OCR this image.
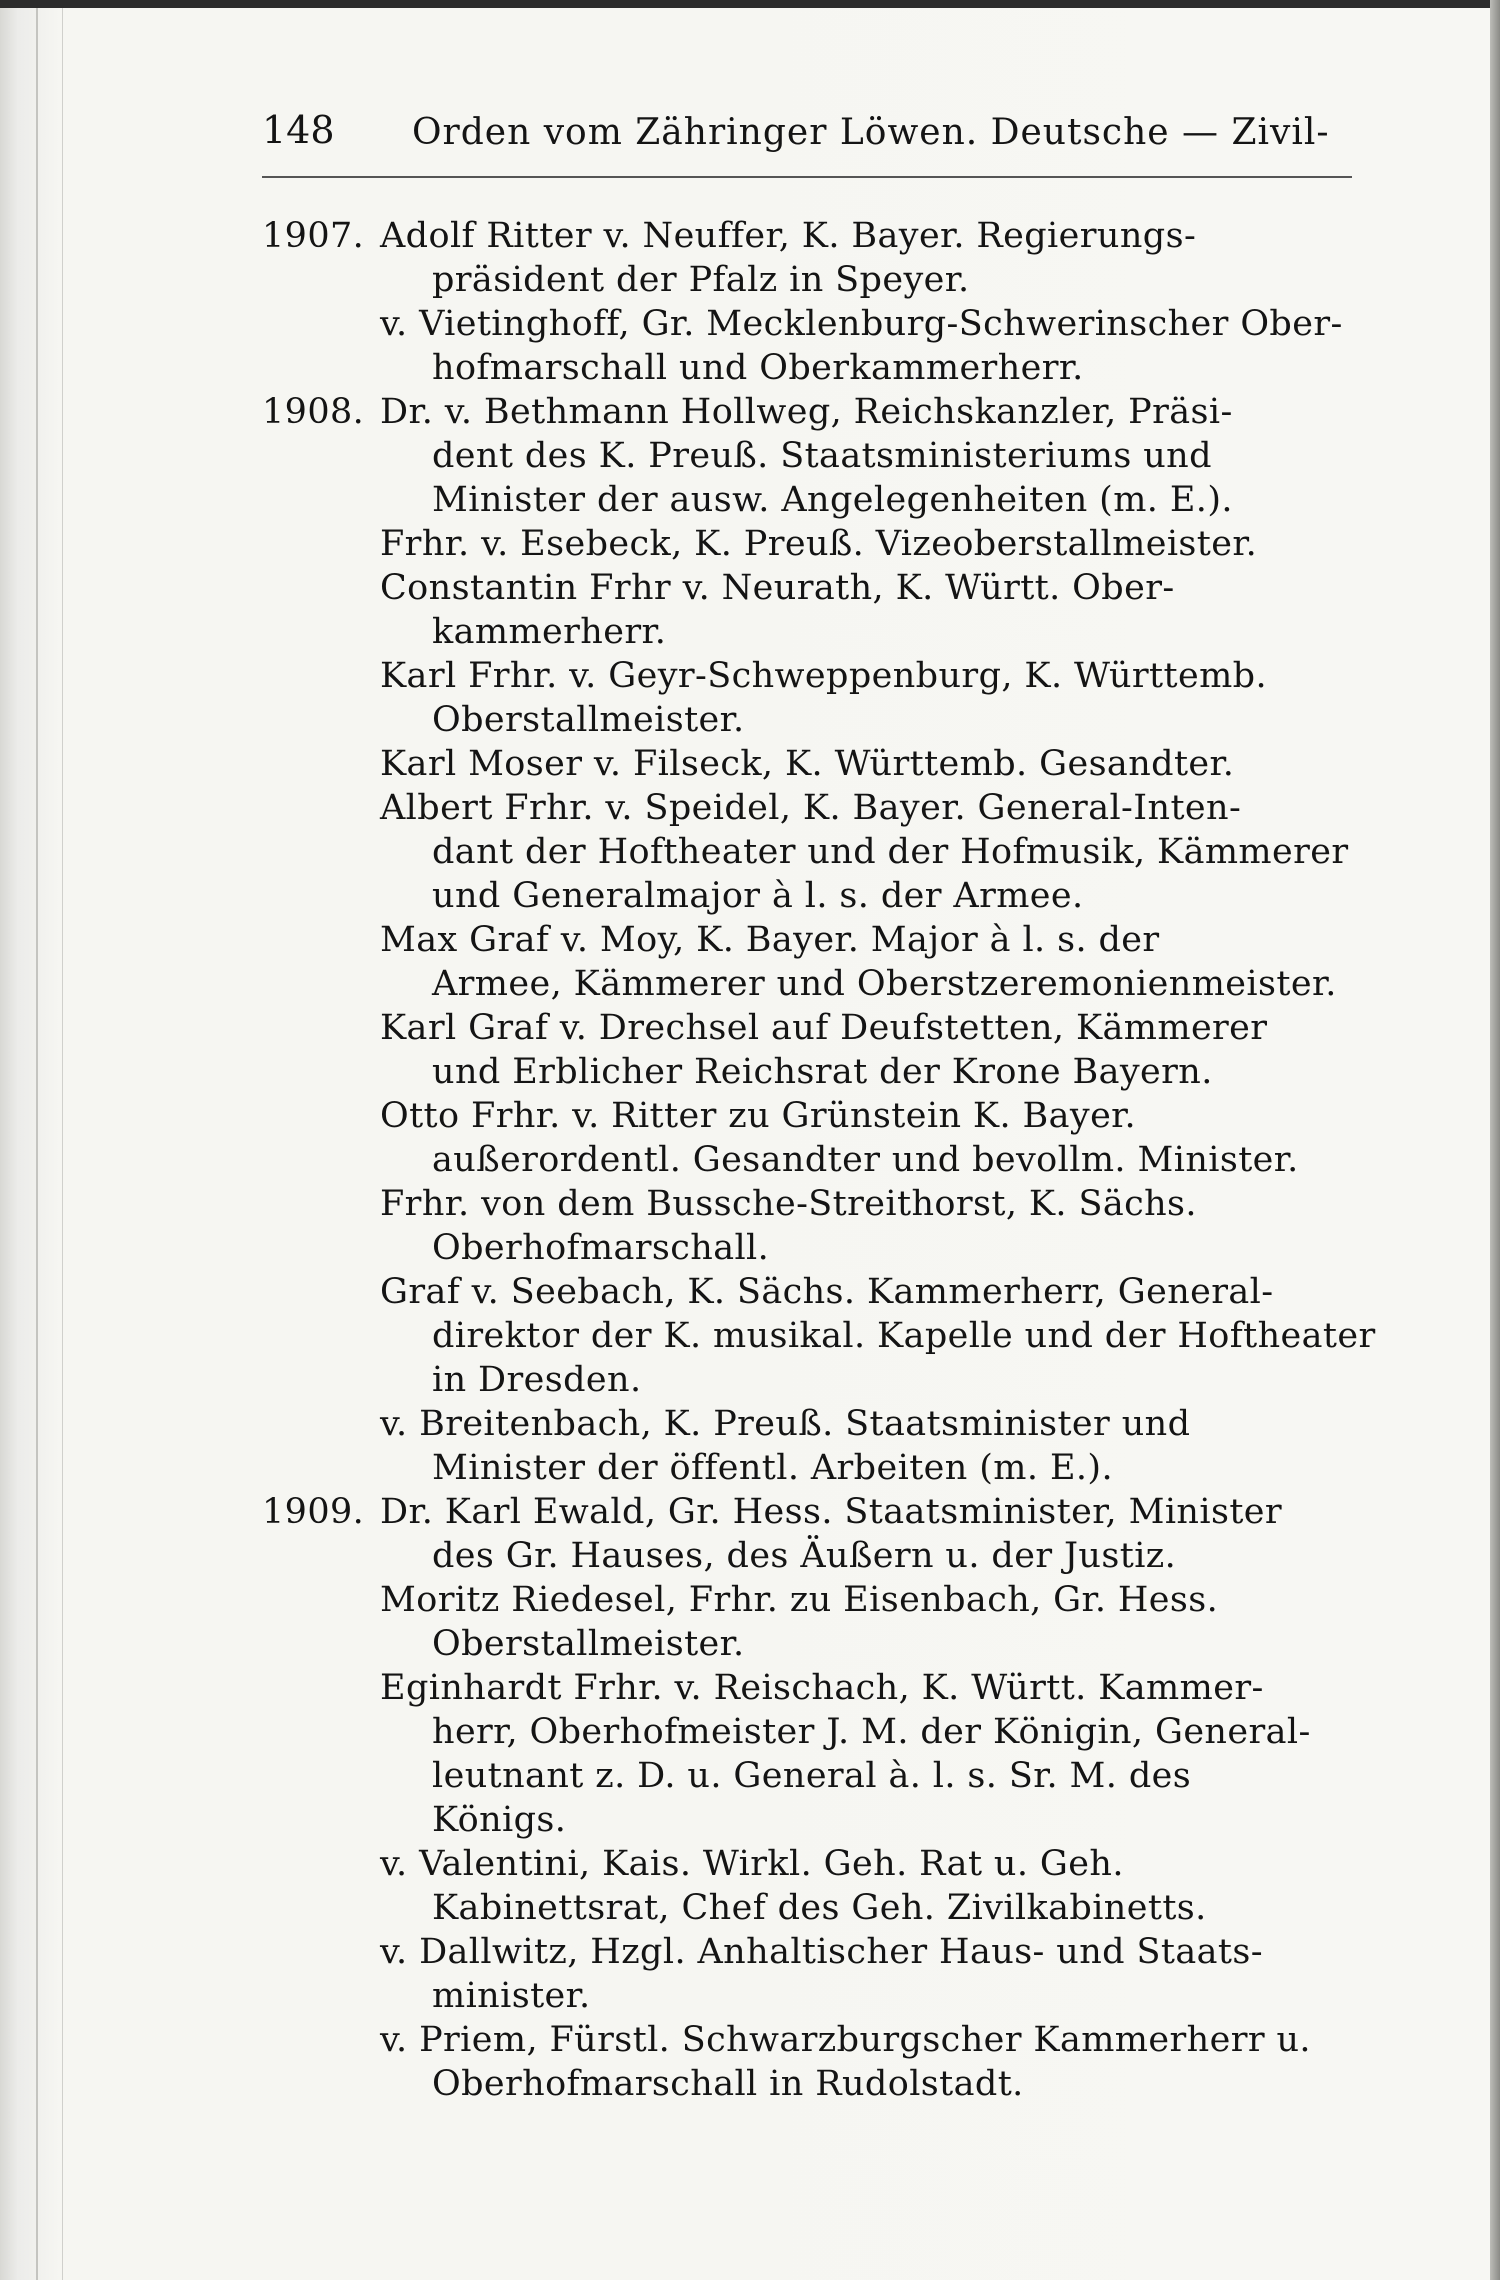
148 Orden vom Zähringer Löwen. Deutsche — Zivil-
1907. Adolf Ritter v. Neuffer, K. Bayer. Regierungs-
präsident der Pfalz in Speyer.
v. Vietinghoff, Gr. Mecklenburg-Schwerinscher Ober-
hofmarschall und Oberkammerherr.
1908. Dr. v. Bethmann Hollweg, Reichskanzler, Präsi-
dent des K. Preuß. Staatsministeriums und
Minister der ausw. Angelegenheiten (m. E.).
Frhr. v. Esebeck, K. Preuß. Vizeoberstallmeister.
Constantin Frhr v. Neurath, K. Württ. Ober-
kammerherr.
Karl Frhr. v. Geyr-Schweppenburg, K. Württemb.
Oberstallmeister.
Karl Moser v. Filseck, K. Württemb. Gesandter.
Albert Frhr. v. Speidel, K. Bayer. General-Inten-
dant der Hoftheater und der Hofmusik, Kämmerer
und Generalmajor à l. s. der Armee.
Max Graf v. Moy, K. Bayer. Major à l. s. der
Armee, Kämmerer und Oberstzeremonienmeister.
Karl Graf v. Drechsel auf Deufstetten, Kämmerer
und Erblicher Reichsrat der Krone Bayern.
Otto Frhr. v. Ritter zu Grünstein K. Bayer.
außerordentl. Gesandter und bevollm. Minister.
Frhr. von dem Bussche-Streithorst, K. Sächs.
Oberhofmarschall.
Graf v. Seebach, K. Sächs. Kammerherr, General-
direktor der K. musikal. Kapelle und der Hoftheater
in Dresden.
v. Breitenbach, K. Preuß. Staatsminister und
Minister der öffentl. Arbeiten (m. E.).
1909. Dr. Karl Ewald, Gr. Hess. Staatsminister, Minister
des Gr. Hauses, des Äußern u. der Justiz.
Moritz Riedesel, Frhr. zu Eisenbach, Gr. Hess.
Oberstallmeister.
Eginhardt Frhr. v. Reischach, K. Württ. Kammer-
herr, Oberhofmeister J. M. der Königin, General-
leutnant z. D. u. General à. l. s. Sr. M. des
Königs.
v. Valentini, Kais. Wirkl. Geh. Rat u. Geh.
Kabinettsrat, Chef des Geh. Zivilkabinetts.
v. Dallwitz, Hzgl. Anhaltischer Haus- und Staats-
minister.
v. Priem, Fürstl. Schwarzburgscher Kammerherr u.
Oberhofmarschall in Rudolstadt.
